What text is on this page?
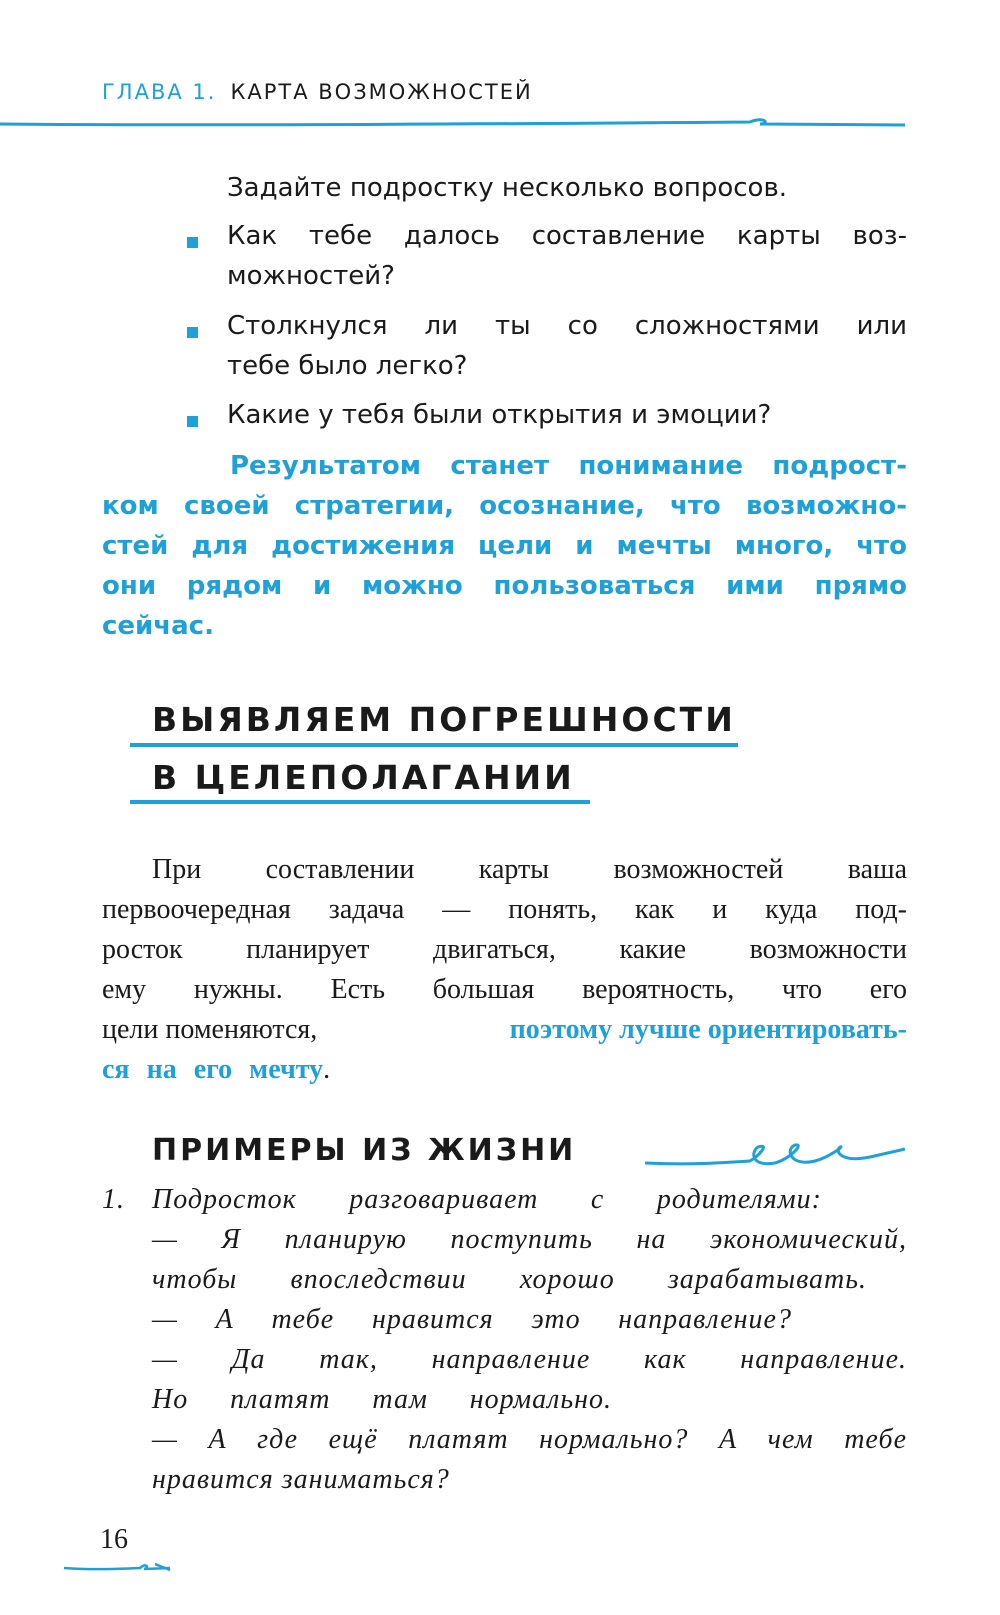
ГЛАВА 1. КАРТА ВОЗМОЖНОСТЕЙ
Задайте подростку несколько вопросов.
Как тебе далось составление карты воз-
можностей?
Столкнулся ли ты со сложностями или
тебе было легко?
Какие у тебя были открытия и эмоции?
Результатом станет понимание подрост-
ком своей стратегии, осознание, что возможно-
стей для достижения цели и мечты много, что
они рядом и можно пользоваться ими прямо
сейчас.
ВЫЯВЛЯЕМ ПОГРЕШНОСТИ
В ЦЕЛЕПОЛАГАНИИ
При составлении карты возможностей ваша
первоочередная задача — понять, как и куда под-
росток планирует двигаться, какие возможности
ему нужны. Есть большая вероятность, что его
цели поменяются,	поэтому лучше ориентировать-
ся на его мечту.
ПРИМЕРЫ ИЗ ЖИЗНИ
1. Подросток разговаривает с родителями:
— Я планирую поступить на экономический,
чтобы впоследствии хорошо зарабатывать.
— А тебе нравится это направление?
— Да так, направление как направление.
Но платят там нормально.
— А где ещё платят нормально? А чем тебе
нравится заниматься?
16
